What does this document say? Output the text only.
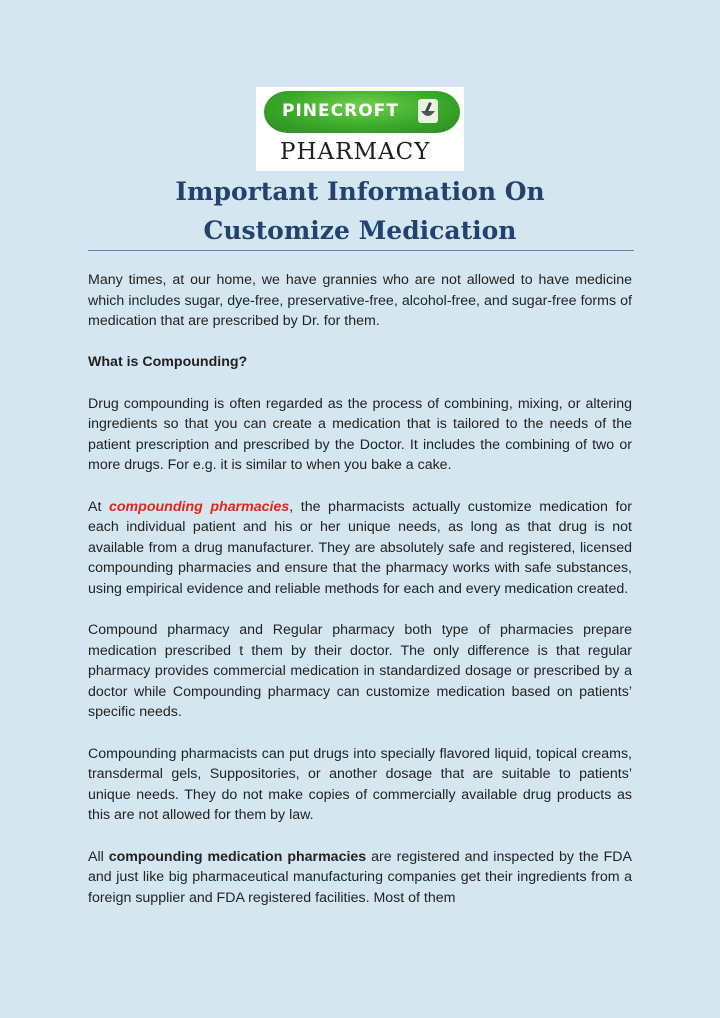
PINECROFT
PHARMACY
Important Information On
Customize Medication

Many times, at our home, we have grannies who are not allowed to have medicine which includes sugar, dye-free, preservative-free, alcohol-free, and sugar-free forms of medication that are prescribed by Dr. for them.

What is Compounding?

Drug compounding is often regarded as the process of combining, mixing, or altering ingredients so that you can create a medication that is tailored to the needs of the patient prescription and prescribed by the Doctor. It includes the combining of two or more drugs. For e.g. it is similar to when you bake a cake.

At compounding pharmacies, the pharmacists actually customize medication for each individual patient and his or her unique needs, as long as that drug is not available from a drug manufacturer. They are absolutely safe and registered, licensed compounding pharmacies and ensure that the pharmacy works with safe substances, using empirical evidence and reliable methods for each and every medication created.

Compound pharmacy and Regular pharmacy both type of pharmacies prepare medication prescribed t them by their doctor. The only difference is that regular pharmacy provides commercial medication in standardized dosage or prescribed by a doctor while Compounding pharmacy can customize medication based on patients’ specific needs.

Compounding pharmacists can put drugs into specially flavored liquid, topical creams, transdermal gels, Suppositories, or another dosage that are suitable to patients’ unique needs. They do not make copies of commercially available drug products as this are not allowed for them by law.

All compounding medication pharmacies are registered and inspected by the FDA and just like big pharmaceutical manufacturing companies get their ingredients from a foreign supplier and FDA registered facilities. Most of them
